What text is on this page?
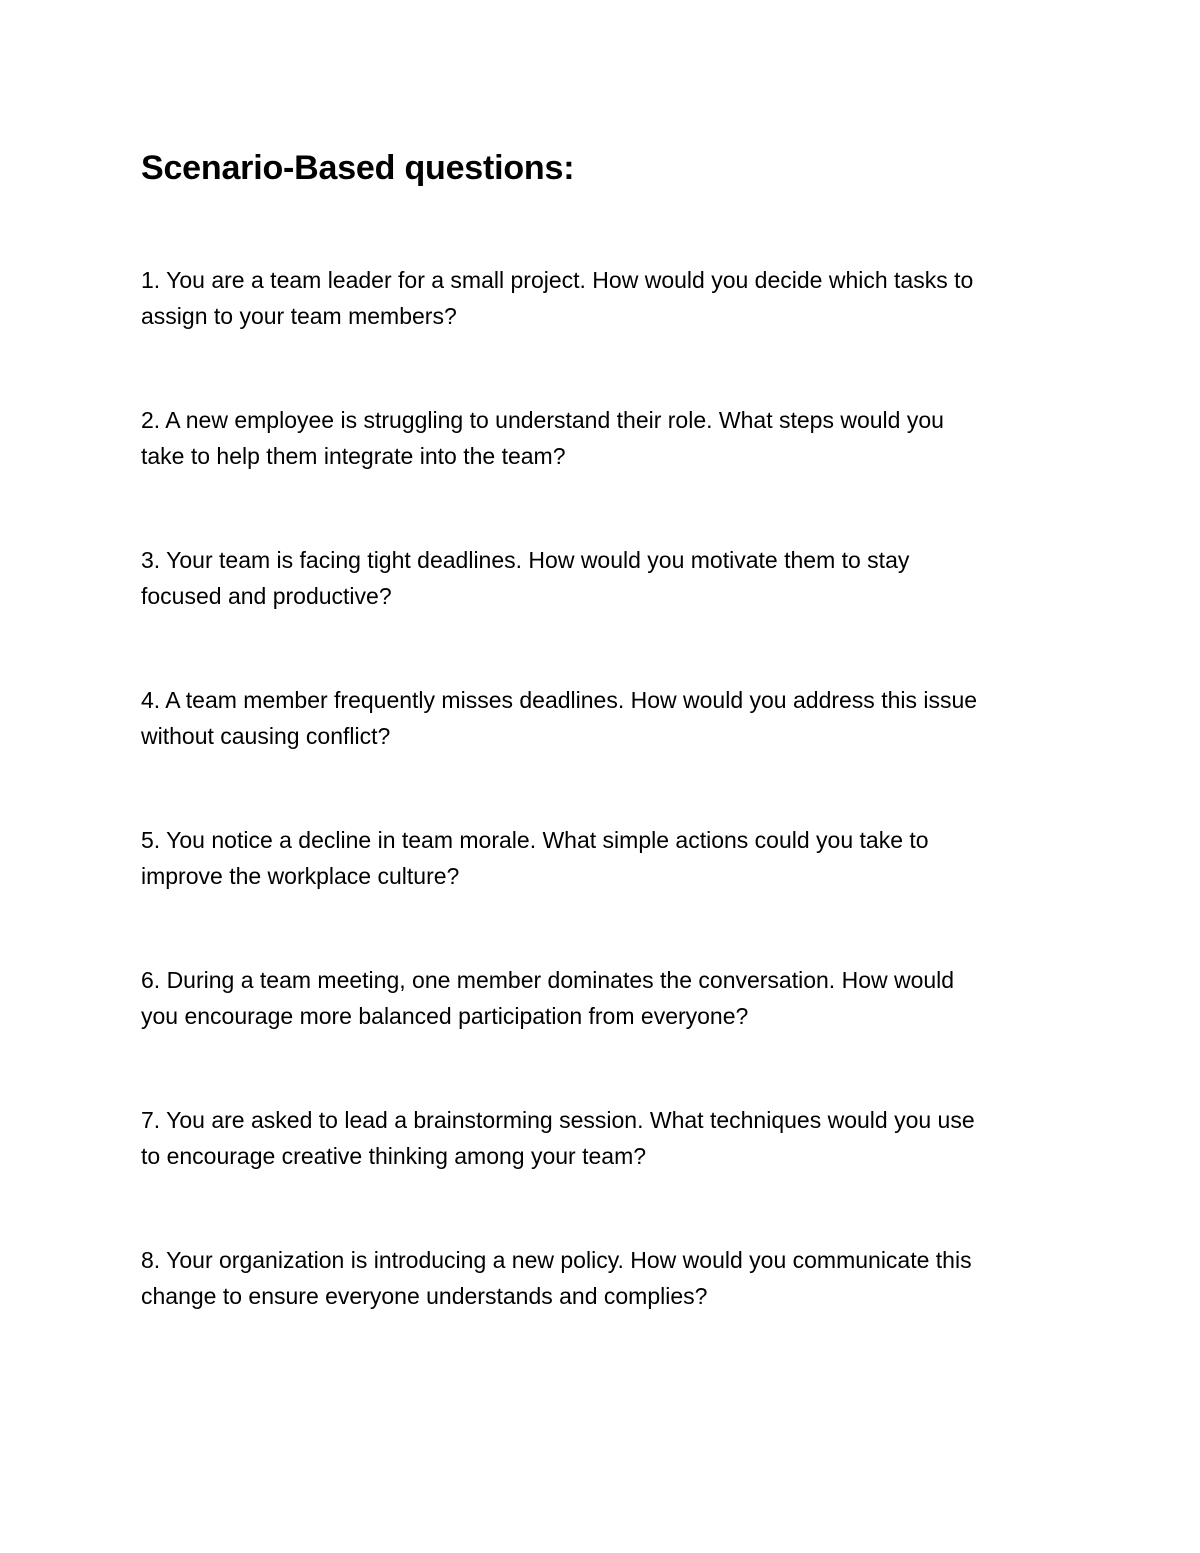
Scenario-Based questions:
1. You are a team leader for a small project. How would you decide which tasks to
assign to your team members?
2. A new employee is struggling to understand their role. What steps would you
take to help them integrate into the team?
3. Your team is facing tight deadlines. How would you motivate them to stay
focused and productive?
4. A team member frequently misses deadlines. How would you address this issue
without causing conflict?
5. You notice a decline in team morale. What simple actions could you take to
improve the workplace culture?
6. During a team meeting, one member dominates the conversation. How would
you encourage more balanced participation from everyone?
7. You are asked to lead a brainstorming session. What techniques would you use
to encourage creative thinking among your team?
8. Your organization is introducing a new policy. How would you communicate this
change to ensure everyone understands and complies?
